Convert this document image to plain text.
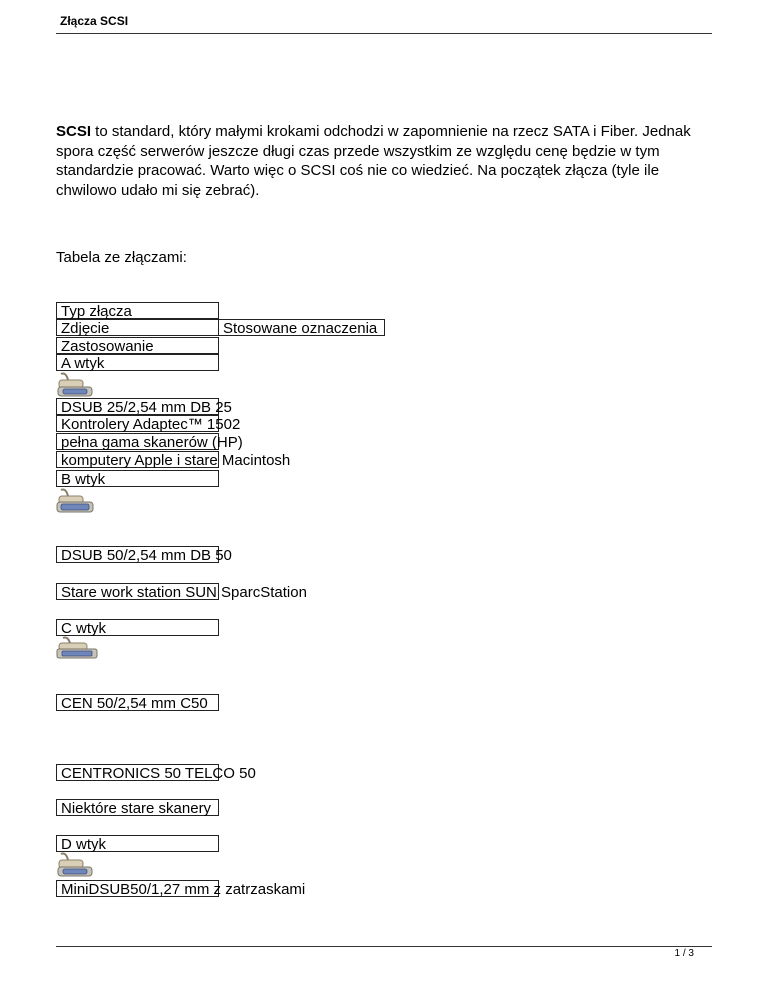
Złącza SCSI
SCSI to standard, który małymi krokami odchodzi w zapomnienie na rzecz SATA i Fiber. Jednak spora część serwerów jeszcze długi czas przede wszystkim ze względu cenę będzie w tym standardzie pracować. Warto więc o SCSI coś nie co wiedzieć. Na początek złącza (tyle ile chwilowo udało mi się zebrać).
Tabela ze złączami:
Typ złącza
Zdjęcie	Stosowane oznaczenia
Zastosowanie
A wtyk
DSUB 25/2,54 mm DB 25
Kontrolery Adaptec™ 1502
pełna gama skanerów (HP)
komputery Apple i stare Macintosh
B wtyk
DSUB 50/2,54 mm DB 50
Stare work station SUN SparcStation
C wtyk
CEN 50/2,54 mm C50
CENTRONICS 50 TELCO 50
Niektóre stare skanery
D wtyk
MiniDSUB50/1,27 mm z zatrzaskami
1 / 3
